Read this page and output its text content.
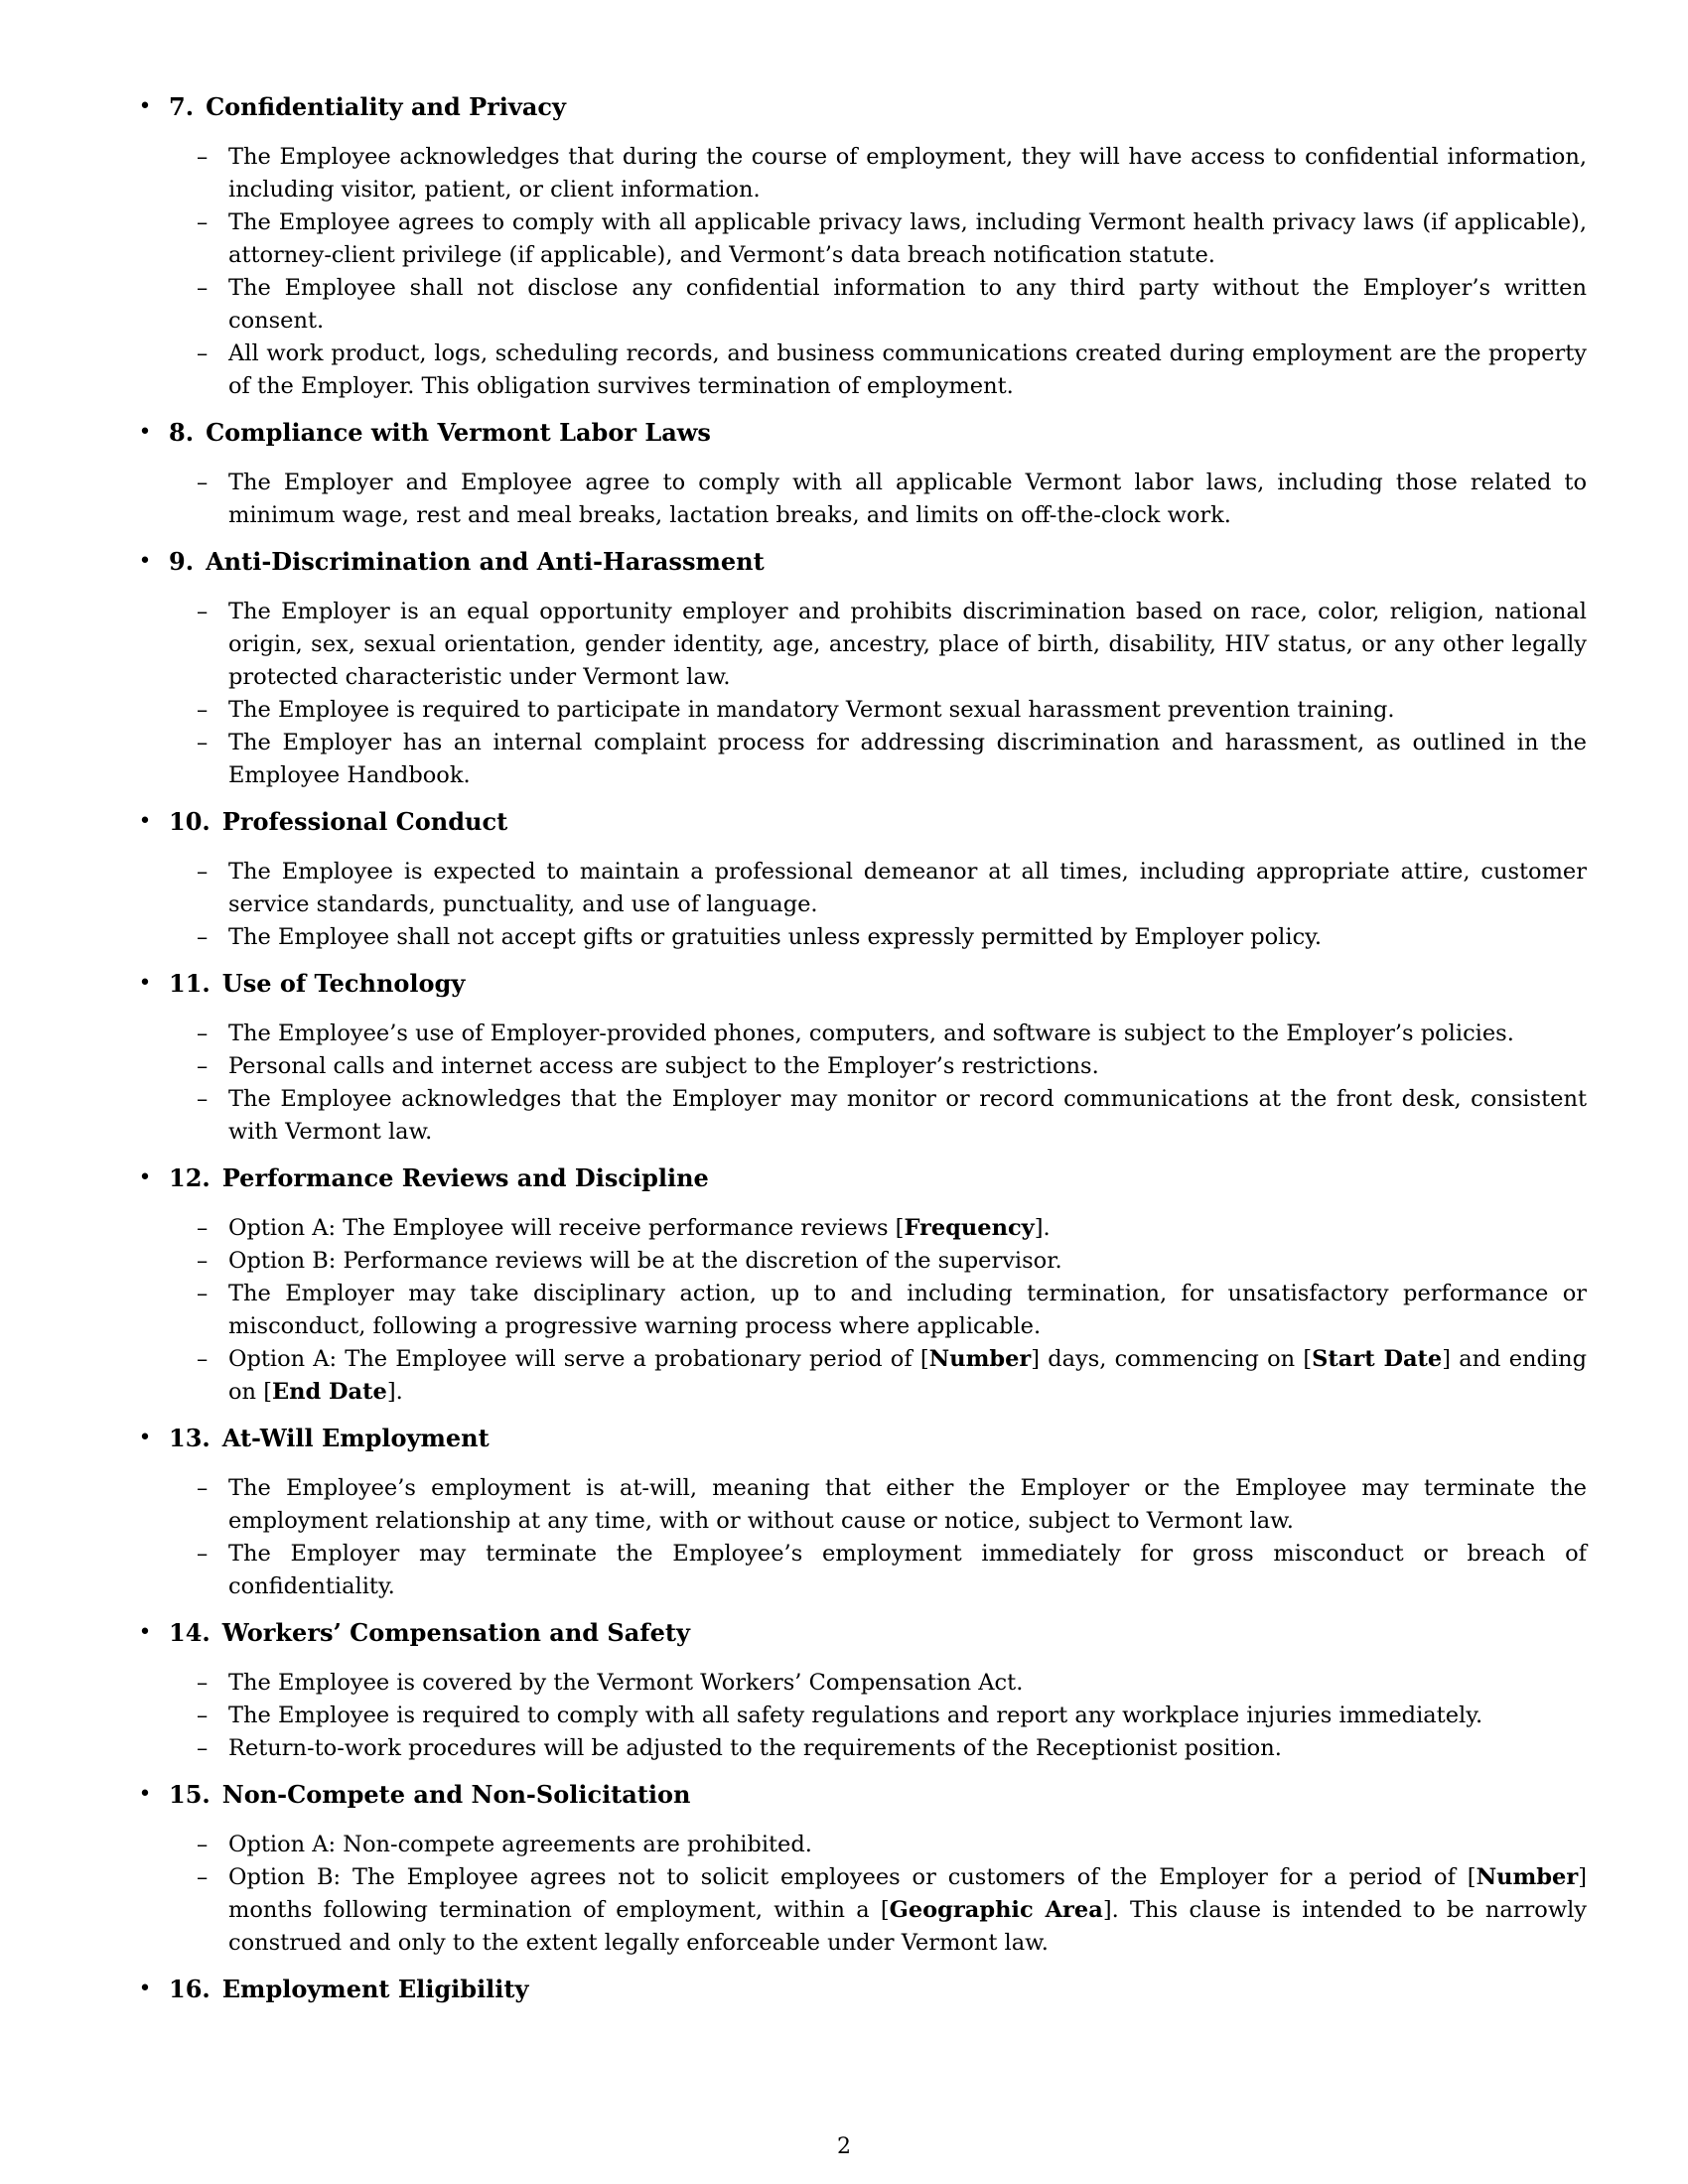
• 7. Confidentiality and Privacy
– The Employee acknowledges that during the course of employment, they will have access to confidential information, including visitor, patient, or client information.
– The Employee agrees to comply with all applicable privacy laws, including Vermont health privacy laws (if applicable), attorney-client privilege (if applicable), and Vermont’s data breach notification statute.
– The Employee shall not disclose any confidential information to any third party without the Employer’s written consent.
– All work product, logs, scheduling records, and business communications created during employment are the property of the Employer. This obligation survives termination of employment.
• 8. Compliance with Vermont Labor Laws
– The Employer and Employee agree to comply with all applicable Vermont labor laws, including those related to minimum wage, rest and meal breaks, lactation breaks, and limits on off-the-clock work.
• 9. Anti-Discrimination and Anti-Harassment
– The Employer is an equal opportunity employer and prohibits discrimination based on race, color, religion, national origin, sex, sexual orientation, gender identity, age, ancestry, place of birth, disability, HIV status, or any other legally protected characteristic under Vermont law.
– The Employee is required to participate in mandatory Vermont sexual harassment prevention training.
– The Employer has an internal complaint process for addressing discrimination and harassment, as outlined in the Employee Handbook.
• 10. Professional Conduct
– The Employee is expected to maintain a professional demeanor at all times, including appropriate attire, customer service standards, punctuality, and use of language.
– The Employee shall not accept gifts or gratuities unless expressly permitted by Employer policy.
• 11. Use of Technology
– The Employee’s use of Employer-provided phones, computers, and software is subject to the Employer’s policies.
– Personal calls and internet access are subject to the Employer’s restrictions.
– The Employee acknowledges that the Employer may monitor or record communications at the front desk, consistent with Vermont law.
• 12. Performance Reviews and Discipline
– Option A: The Employee will receive performance reviews [Frequency].
– Option B: Performance reviews will be at the discretion of the supervisor.
– The Employer may take disciplinary action, up to and including termination, for unsatisfactory performance or misconduct, following a progressive warning process where applicable.
– Option A: The Employee will serve a probationary period of [Number] days, commencing on [Start Date] and ending on [End Date].
• 13. At-Will Employment
– The Employee’s employment is at-will, meaning that either the Employer or the Employee may terminate the employment relationship at any time, with or without cause or notice, subject to Vermont law.
– The Employer may terminate the Employee’s employment immediately for gross misconduct or breach of confidentiality.
• 14. Workers’ Compensation and Safety
– The Employee is covered by the Vermont Workers’ Compensation Act.
– The Employee is required to comply with all safety regulations and report any workplace injuries immediately.
– Return-to-work procedures will be adjusted to the requirements of the Receptionist position.
• 15. Non-Compete and Non-Solicitation
– Option A: Non-compete agreements are prohibited.
– Option B: The Employee agrees not to solicit employees or customers of the Employer for a period of [Number] months following termination of employment, within a [Geographic Area]. This clause is intended to be narrowly construed and only to the extent legally enforceable under Vermont law.
• 16. Employment Eligibility
2
